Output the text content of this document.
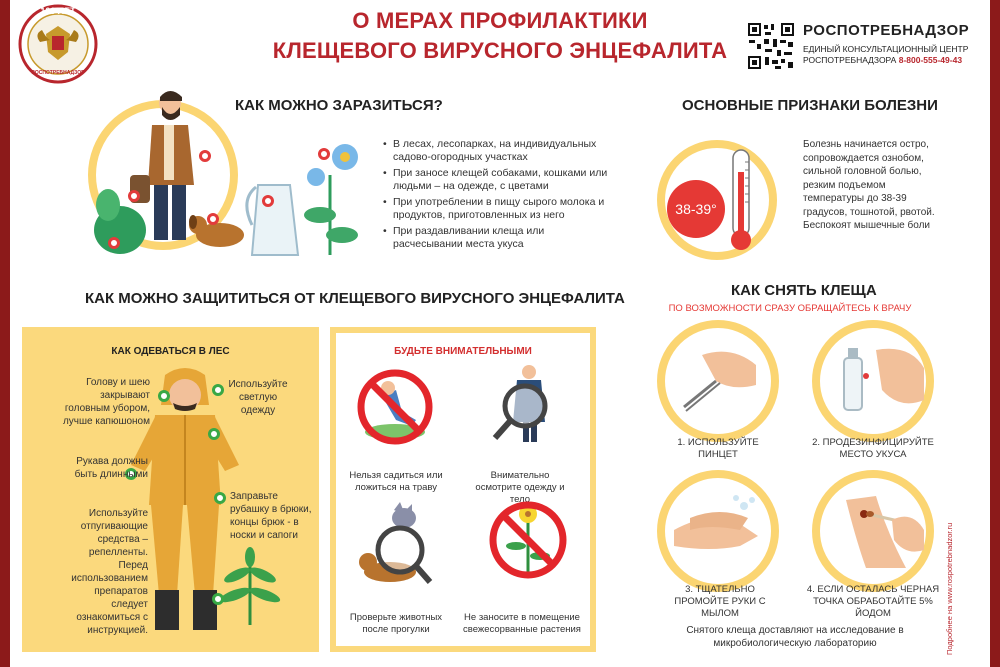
100 ЛЕТ
РОСПОТРЕБНАДЗОР
О МЕРАХ ПРОФИЛАКТИКИ
КЛЕЩЕВОГО ВИРУСНОГО ЭНЦЕФАЛИТА
РОСПОТРЕБНАДЗОР
ЕДИНЫЙ КОНСУЛЬТАЦИОННЫЙ ЦЕНТР
РОСПОТРЕБНАДЗОРА 8-800-555-49-43
КАК МОЖНО ЗАРАЗИТЬСЯ?
• В лесах, лесопарках, на индивидуальных садово-огородных участках
• При заносе клещей собаками, кошками или людьми – на одежде, с цветами
• При употреблении в пищу сырого молока и продуктов, приготовленных из него
• При раздавливании клеща или расчесывании места укуса
ОСНОВНЫЕ ПРИЗНАКИ БОЛЕЗНИ
38-39°
Болезнь начинается остро, сопровождается ознобом, сильной головной болью, резким подъемом температуры до 38-39 градусов, тошнотой, рвотой. Беспокоят мышечные боли
КАК МОЖНО ЗАЩИТИТЬСЯ ОТ КЛЕЩЕВОГО ВИРУСНОГО ЭНЦЕФАЛИТА
КАК ОДЕВАТЬСЯ В ЛЕС
Голову и шею закрывают головным убором, лучше капюшоном
Используйте светлую одежду
Рукава должны быть длинными
Заправьте рубашку в брюки, концы брюк - в носки и сапоги
Используйте отпугивающие средства – репелленты. Перед использованием препаратов следует ознакомиться с инструкцией.
БУДЬТЕ ВНИМАТЕЛЬНЫМИ
Нельзя садиться или ложиться на траву
Внимательно осмотрите одежду и тело
Проверьте животных после прогулки
Не заносите в помещение свежесорванные растения
КАК СНЯТЬ КЛЕЩА
ПО ВОЗМОЖНОСТИ СРАЗУ ОБРАЩАЙТЕСЬ К ВРАЧУ
1. ИСПОЛЬЗУЙТЕ ПИНЦЕТ
2. ПРОДЕЗИНФИЦИРУЙТЕ МЕСТО УКУСА
3. ТЩАТЕЛЬНО ПРОМОЙТЕ РУКИ С МЫЛОМ
4. ЕСЛИ ОСТАЛАСЬ ЧЕРНАЯ ТОЧКА ОБРАБОТАЙТЕ 5% ЙОДОМ
Снятого клеща доставляют на исследование в микробиологическую лабораторию	Подробнее на www.rospotrebnadzor.ru
